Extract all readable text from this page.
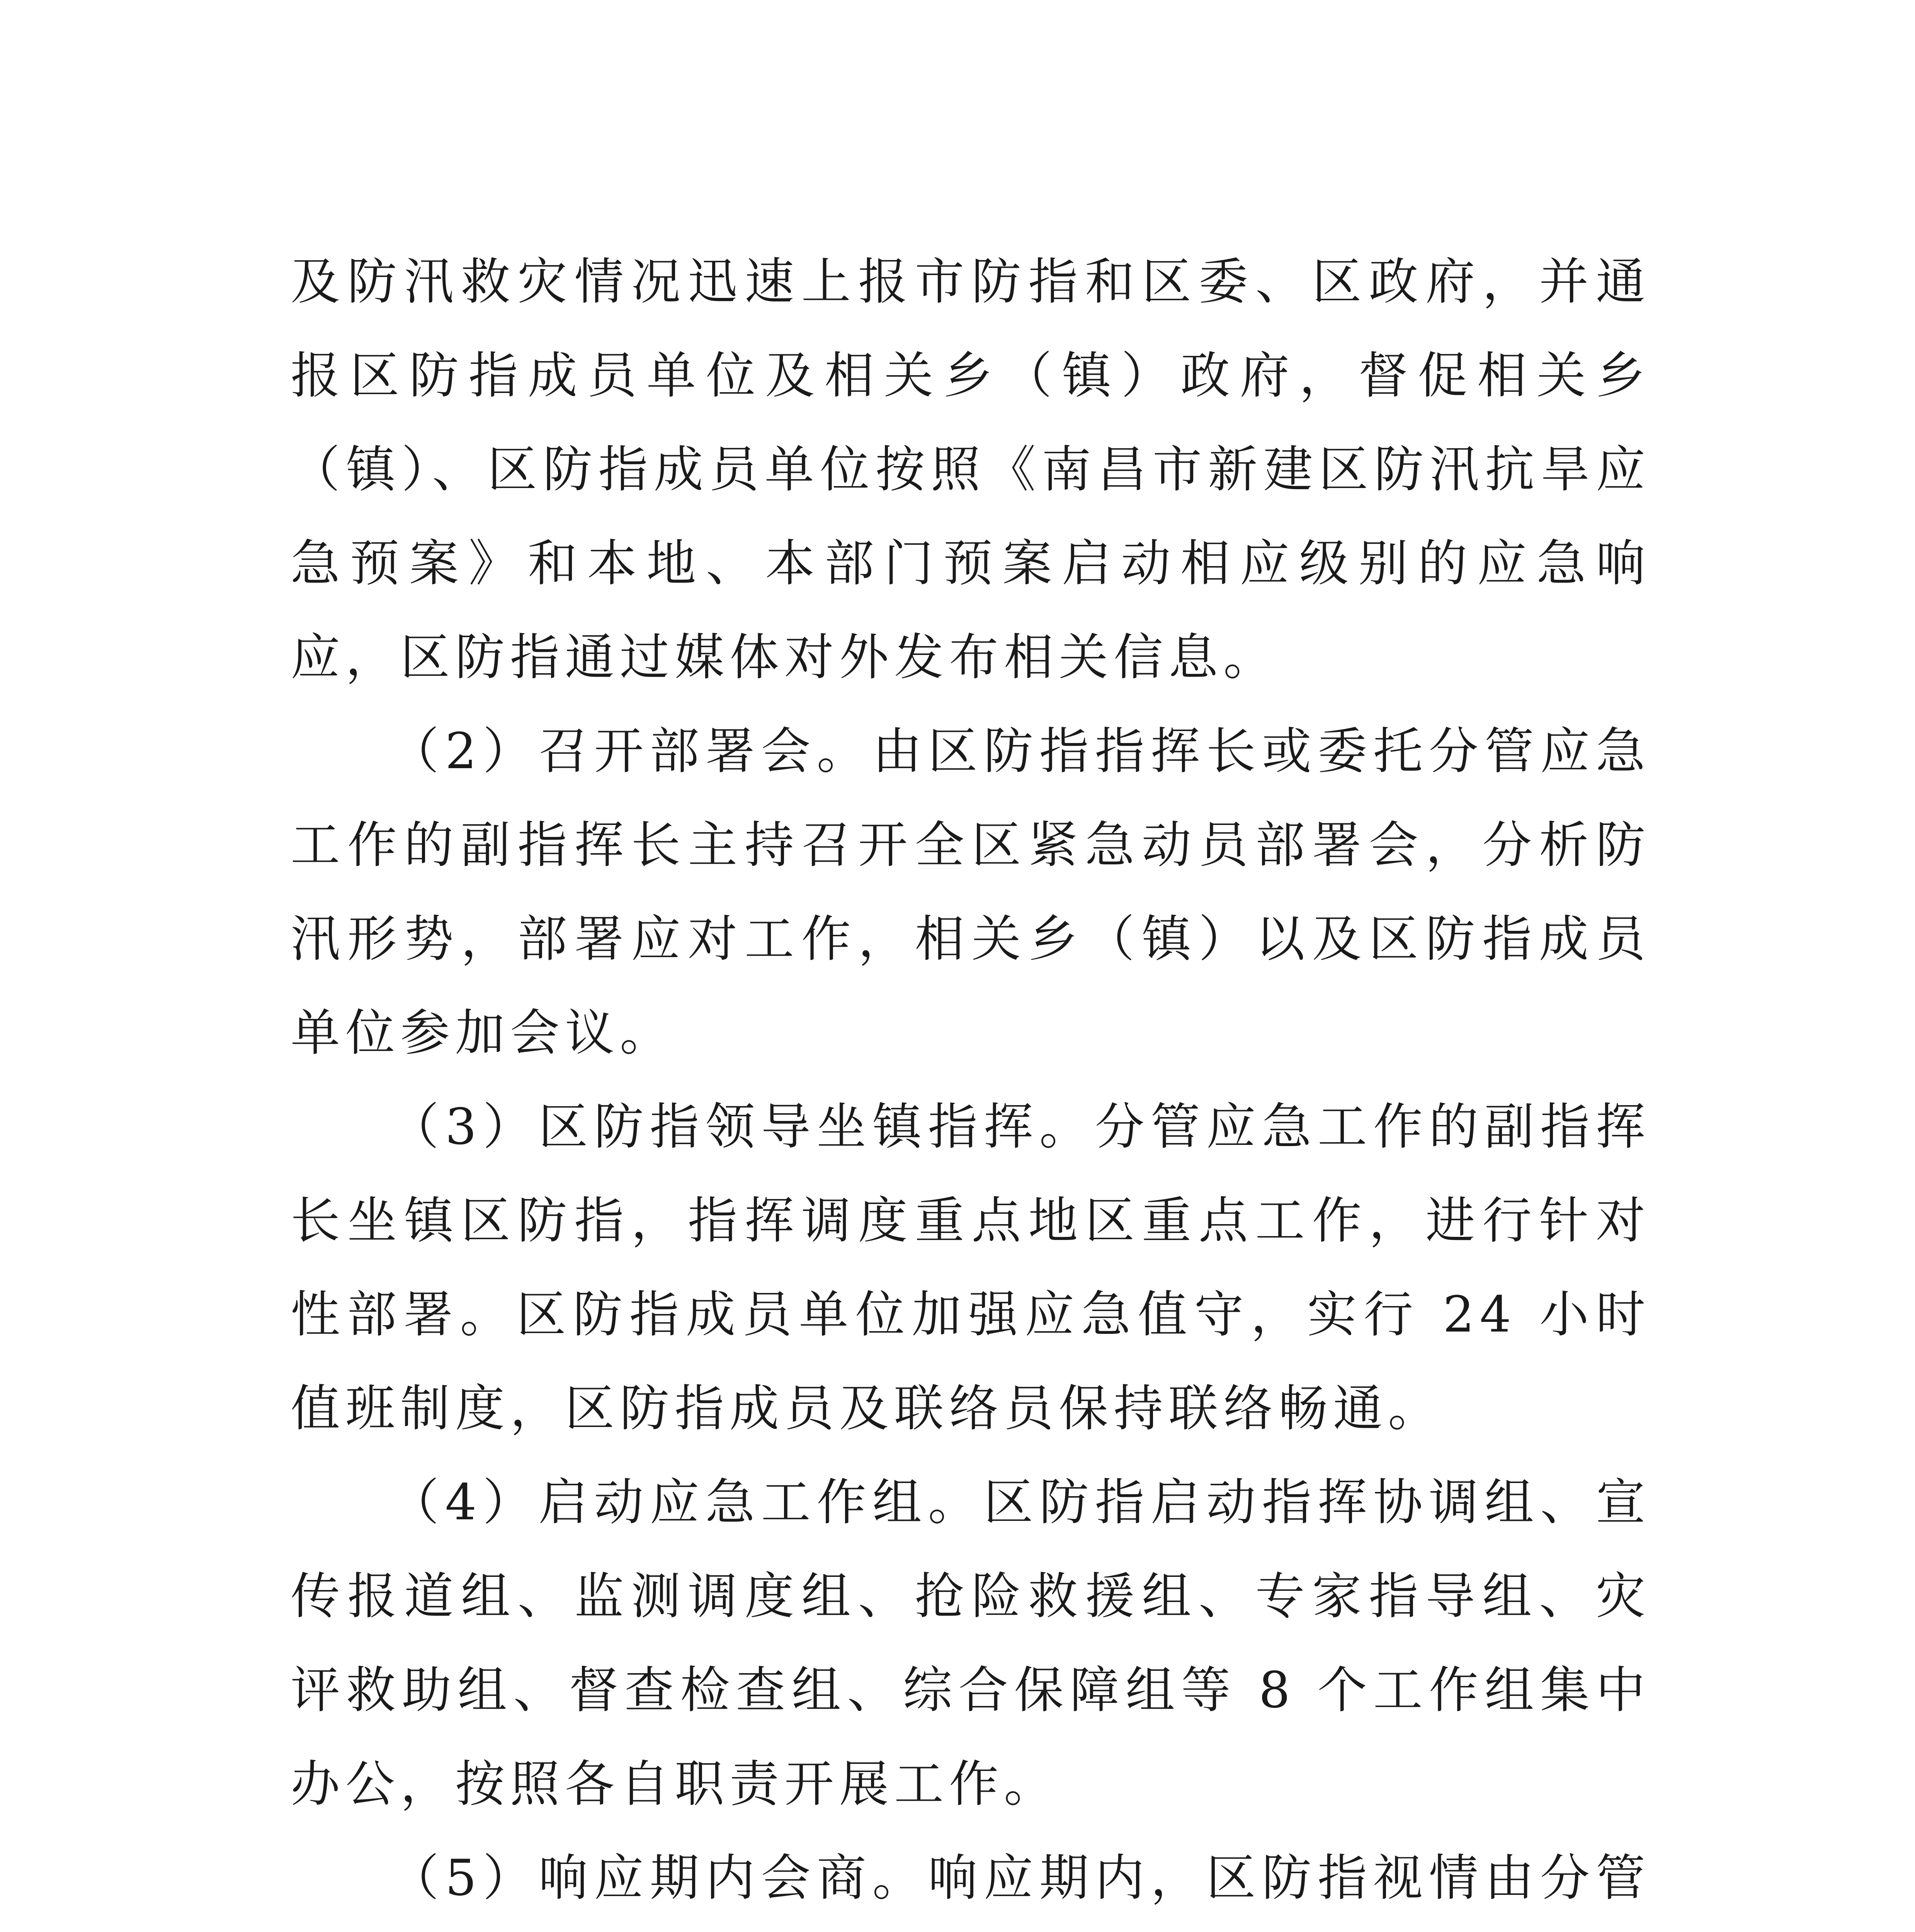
及防汛救灾情况迅速上报市防指和区委、区政府，并通报区防指成员单位及相关乡（镇）政府，督促相关乡（镇）、区防指成员单位按照《南昌市新建区防汛抗旱应急预案》和本地、本部门预案启动相应级别的应急响应，区防指通过媒体对外发布相关信息。

（2）召开部署会。由区防指指挥长或委托分管应急工作的副指挥长主持召开全区紧急动员部署会，分析防汛形势，部署应对工作，相关乡（镇）以及区防指成员单位参加会议。

（3）区防指领导坐镇指挥。分管应急工作的副指挥长坐镇区防指，指挥调度重点地区重点工作，进行针对性部署。区防指成员单位加强应急值守，实行 24 小时值班制度，区防指成员及联络员保持联络畅通。

（4）启动应急工作组。区防指启动指挥协调组、宣传报道组、监测调度组、抢险救援组、专家指导组、灾评救助组、督查检查组、综合保障组等 8 个工作组集中办公，按照各自职责开展工作。

（5）响应期内会商。响应期内，区防指视情由分管
